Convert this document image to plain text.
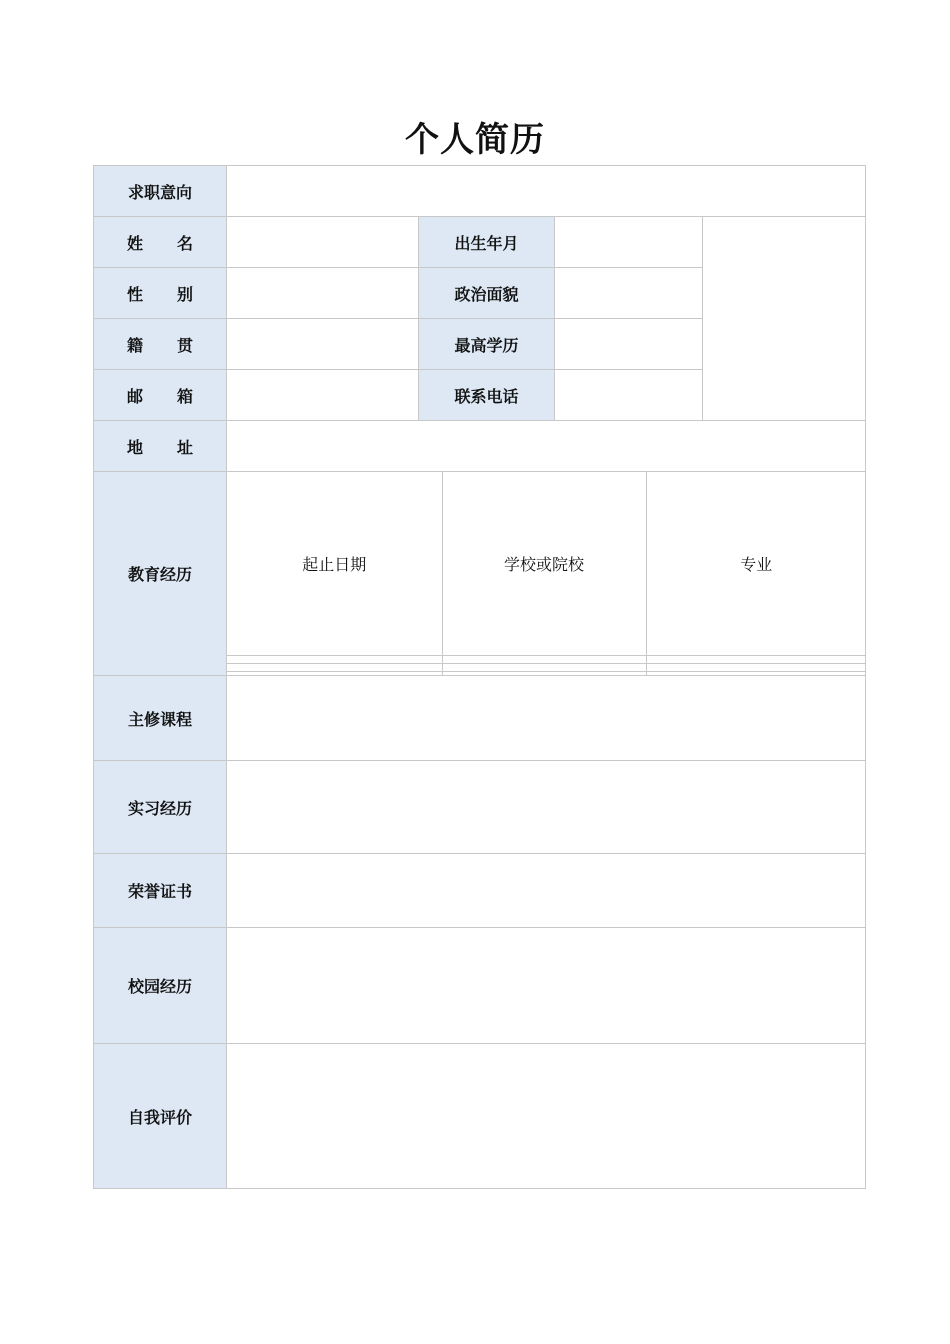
个人简历
求职意向	
姓 名		出生年月		
性 别		政治面貌	
籍 贯		最高学历	
邮 箱		联系电话	
地 址	
教育经历	
起止日期	学校或院校	专业

主修课程	
实习经历	
荣誉证书	
校园经历	
自我评价	
